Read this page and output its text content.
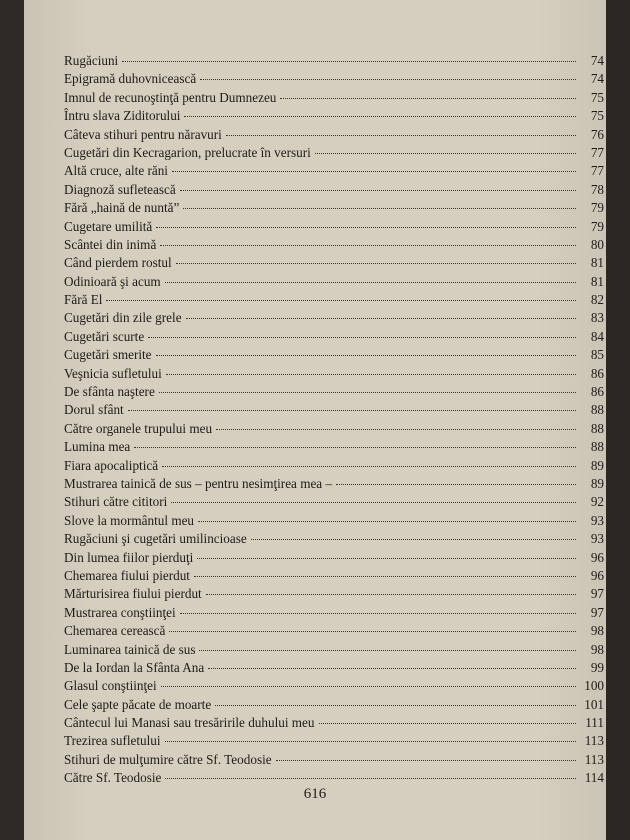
Rugăciuni	74
Epigramă duhovnicească	74
Imnul de recunoştinţă pentru Dumnezeu	75
Întru slava Ziditorului	75
Câteva stihuri pentru năravuri	76
Cugetări din Kecragarion, prelucrate în versuri	77
Altă cruce, alte răni	77
Diagnoză sufletească	78
Fără „haină de nuntă”	79
Cugetare umilită	79
Scântei din inimă	80
Când pierdem rostul	81
Odinioară şi acum	81
Fără El	82
Cugetări din zile grele	83
Cugetări scurte	84
Cugetări smerite	85
Veşnicia sufletului	86
De sfânta naştere	86
Dorul sfânt	88
Către organele trupului meu	88
Lumina mea	88
Fiara apocaliptică	89
Mustrarea tainică de sus – pentru nesimţirea mea –	89
Stihuri către cititori	92
Slove la mormântul meu	93
Rugăciuni şi cugetări umilincioase	93
Din lumea fiilor pierduţi	96
Chemarea fiului pierdut	96
Mărturisirea fiului pierdut	97
Mustrarea conştiinţei	97
Chemarea cerească	98
Luminarea tainică de sus	98
De la Iordan la Sfânta Ana	99
Glasul conştiinţei	100
Cele şapte păcate de moarte	101
Cântecul lui Manasi sau tresăririle duhului meu	111
Trezirea sufletului	113
Stihuri de mulţumire către Sf. Teodosie	113
Către Sf. Teodosie	114
616
